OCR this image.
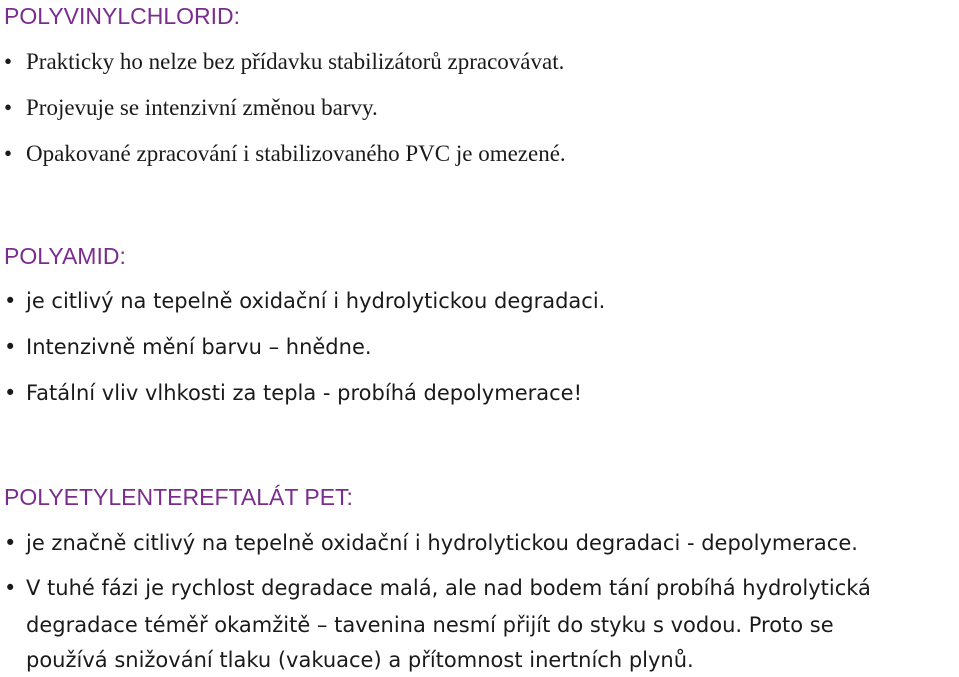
POLYVINYLCHLORID:
• Prakticky ho nelze bez přídavku stabilizátorů zpracovávat.
• Projevuje se intenzivní změnou barvy.
• Opakované zpracování i stabilizovaného PVC je omezené.
POLYAMID:
• je citlivý na tepelně oxidační i hydrolytickou degradaci.
• Intenzivně mění barvu – hnědne.
• Fatální vliv vlhkosti za tepla - probíhá depolymerace!
POLYETYLENTEREFTALÁT PET:
• je značně citlivý na tepelně oxidační i hydrolytickou degradaci - depolymerace.
• V tuhé fázi je rychlost degradace malá, ale nad bodem tání probíhá hydrolytická
degradace téměř okamžitě – tavenina nesmí přijít do styku s vodou. Proto se
používá snižování tlaku (vakuace) a přítomnost inertních plynů.
